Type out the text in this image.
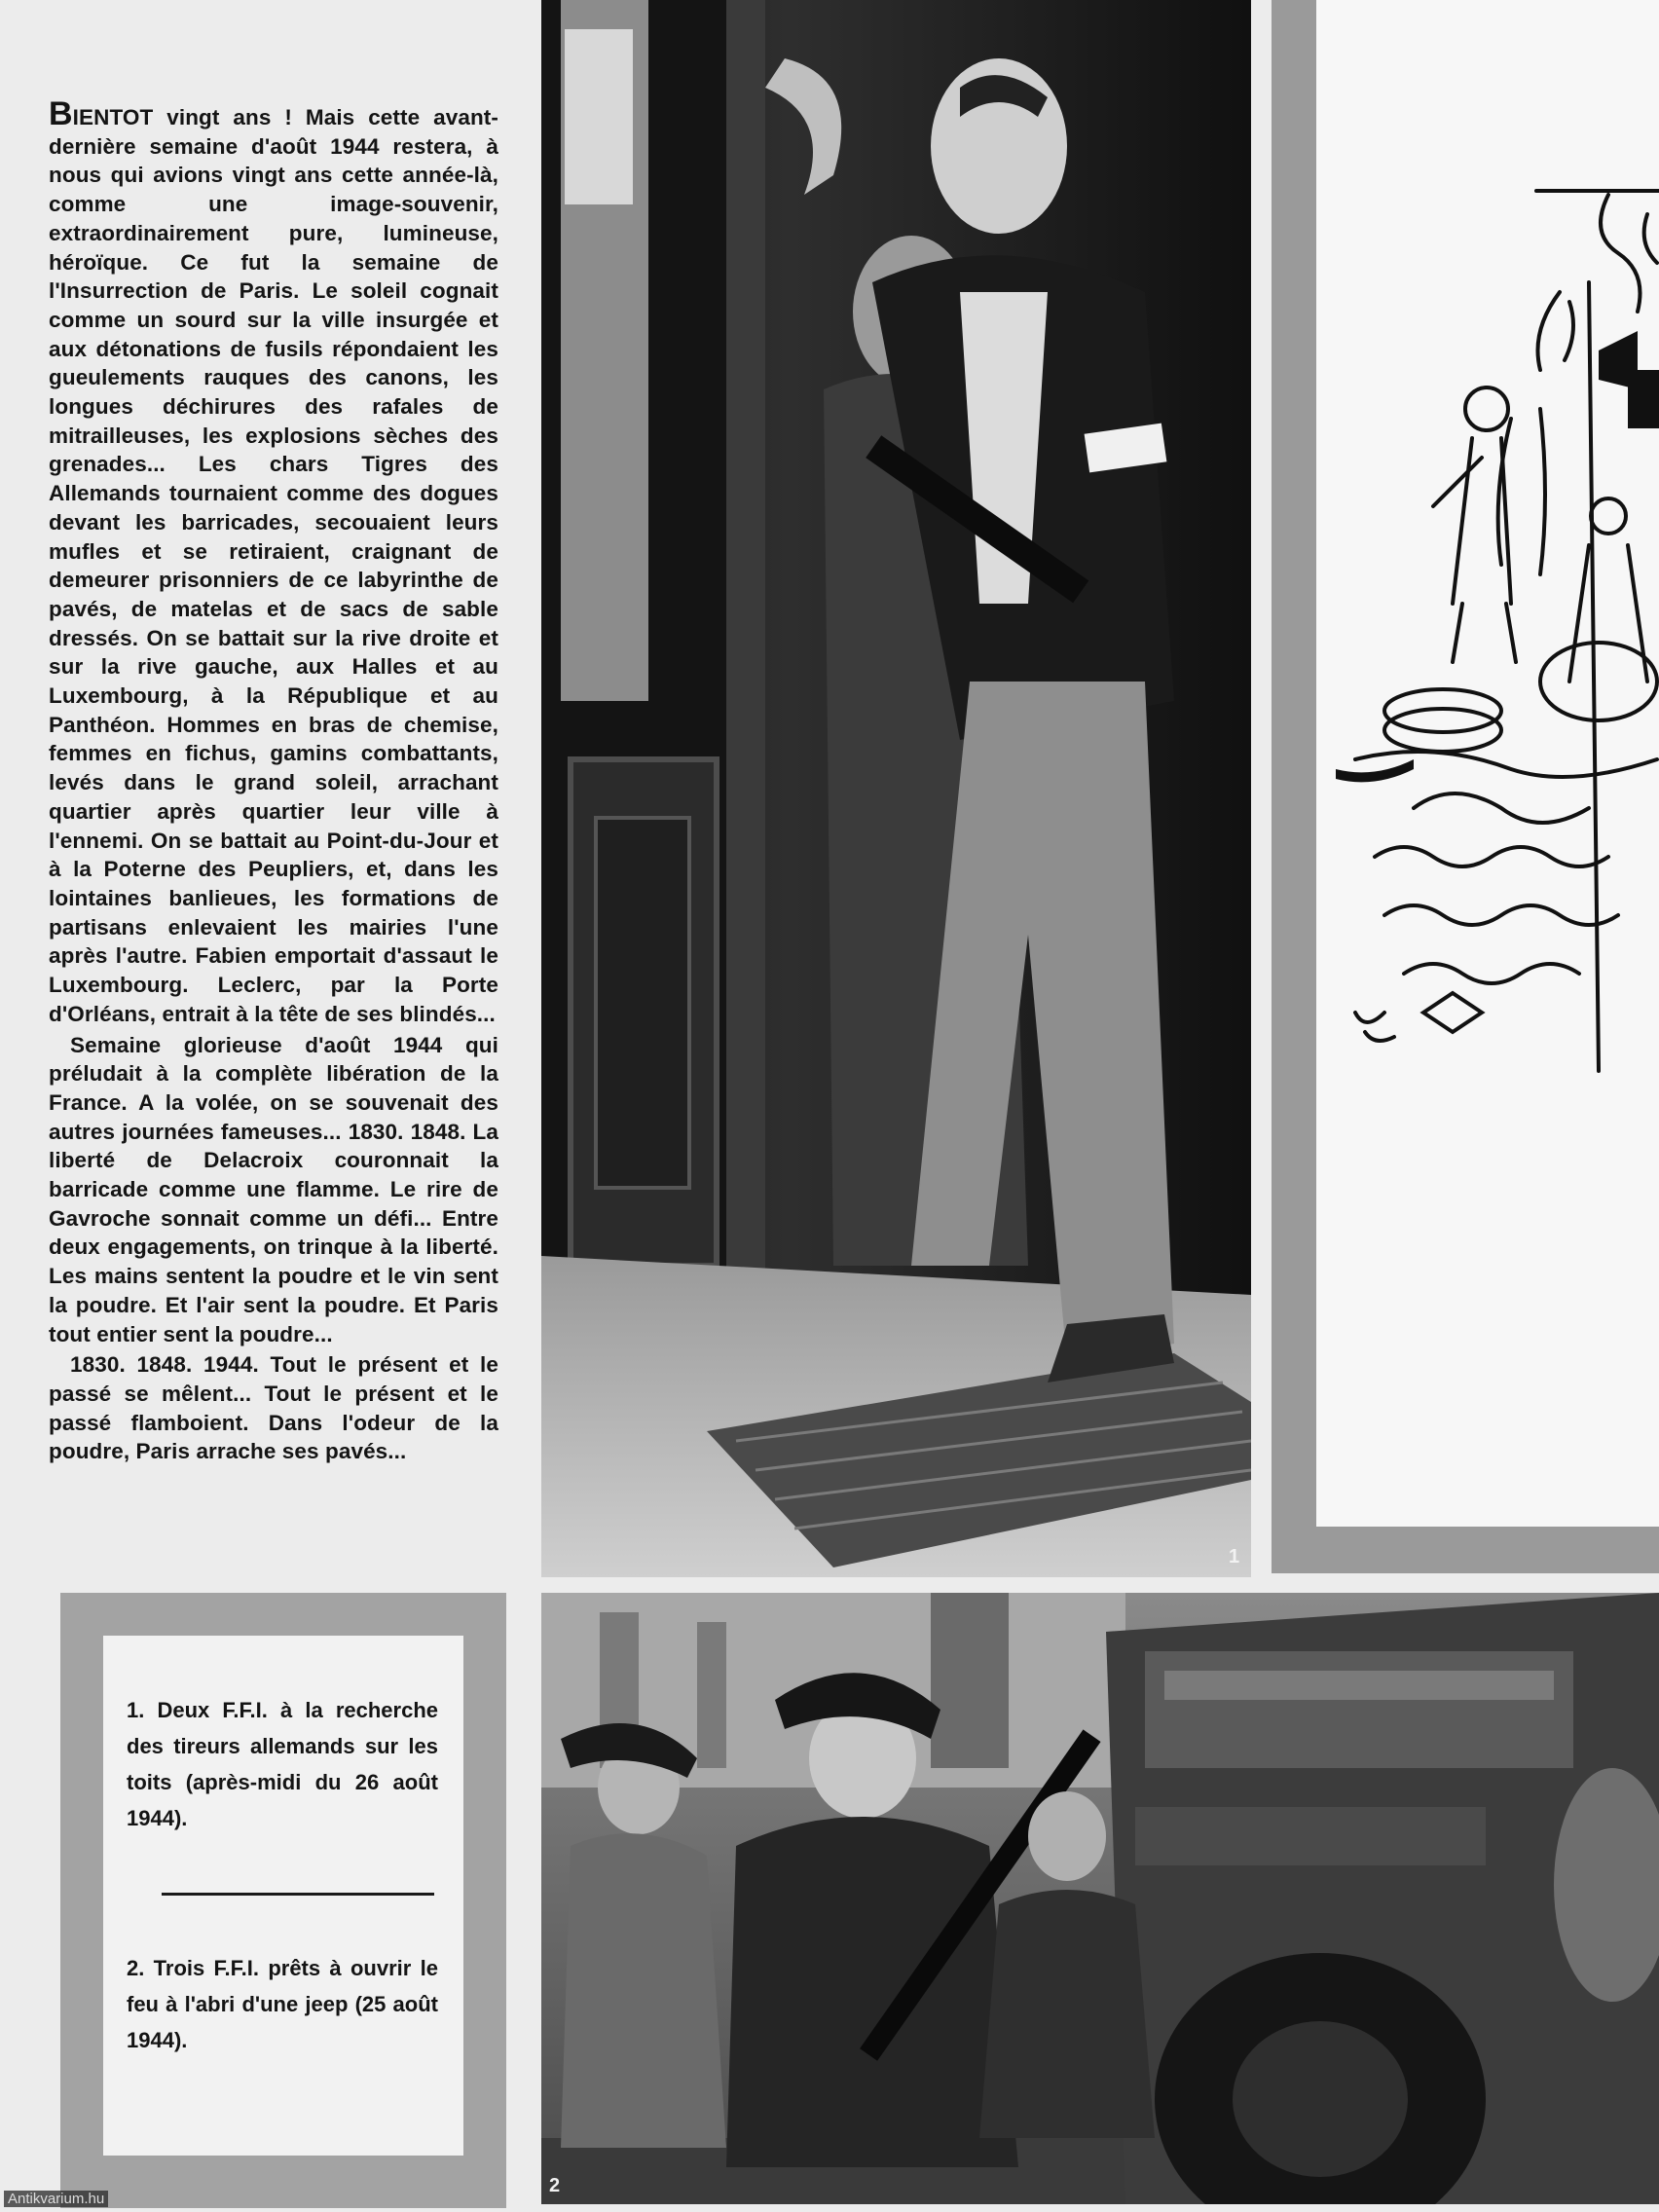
BIENTOT vingt ans ! Mais cette avant-dernière semaine d'août 1944 restera, à nous qui avions vingt ans cette année-là, comme une image-souvenir, extraordinairement pure, lumineuse, héroïque. Ce fut la semaine de l'Insurrection de Paris. Le soleil cognait comme un sourd sur la ville insurgée et aux détonations de fusils répondaient les gueulements rauques des canons, les longues déchirures des rafales de mitrailleuses, les explosions sèches des grenades... Les chars Tigres des Allemands tournaient comme des dogues devant les barricades, secouaient leurs mufles et se retiraient, craignant de demeurer prisonniers de ce labyrinthe de pavés, de matelas et de sacs de sable dressés. On se battait sur la rive droite et sur la rive gauche, aux Halles et au Luxembourg, à la République et au Panthéon. Hommes en bras de chemise, femmes en fichus, gamins combattants, levés dans le grand soleil, arrachant quartier après quartier leur ville à l'ennemi. On se battait au Point-du-Jour et à la Poterne des Peupliers, et, dans les lointaines banlieues, les formations de partisans enlevaient les mairies l'une après l'autre. Fabien emportait d'assaut le Luxembourg. Leclerc, par la Porte d'Orléans, entrait à la tête de ses blindés...

Semaine glorieuse d'août 1944 qui préludait à la complète libération de la France. A la volée, on se souvenait des autres journées fameuses... 1830. 1848. La liberté de Delacroix couronnait la barricade comme une flamme. Le rire de Gavroche sonnait comme un défi... Entre deux engagements, on trinque à la liberté. Les mains sentent la poudre et le vin sent la poudre. Et l'air sent la poudre. Et Paris tout entier sent la poudre...

1830. 1848. 1944. Tout le présent et le passé se mêlent... Tout le présent et le passé flamboient. Dans l'odeur de la poudre, Paris arrache ses pavés...

1. Deux F.F.I. à la recherche des tireurs allemands sur les toits (après-midi du 26 août 1944).

2. Trois F.F.I. prêts à ouvrir le feu à l'abri d'une jeep (25 août 1944).

1
2
Antikvarium.hu
